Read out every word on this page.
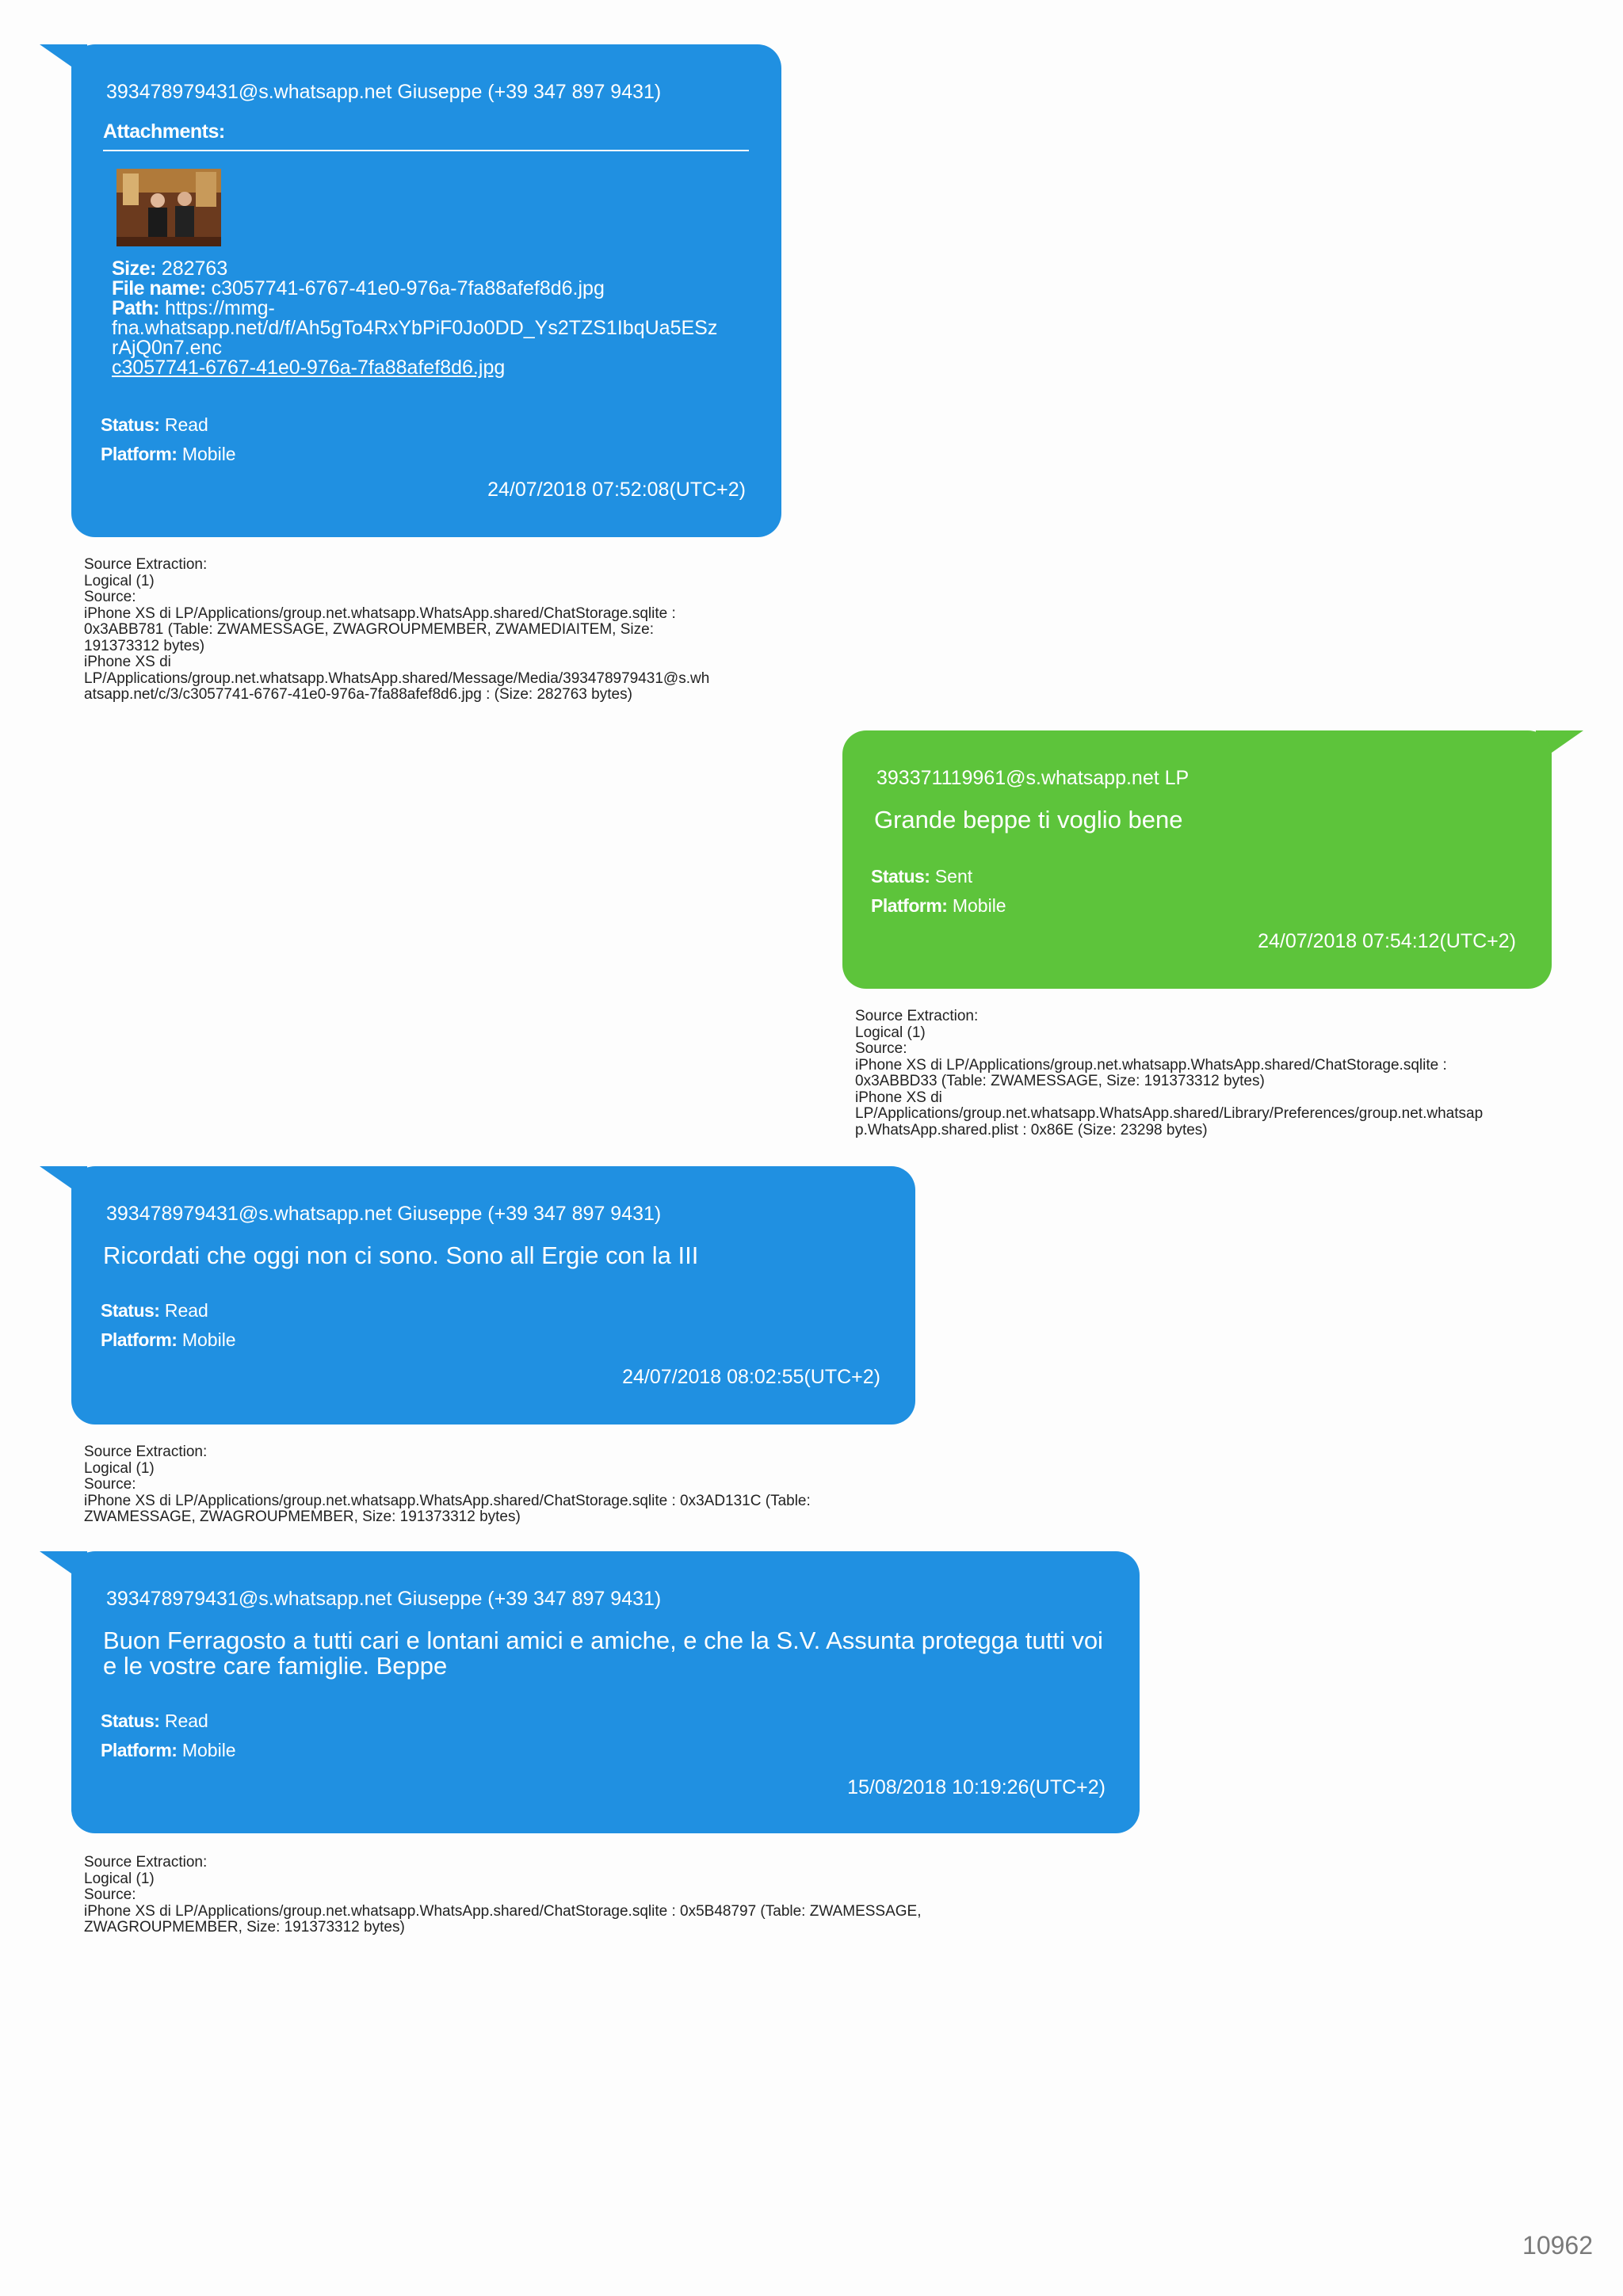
393478979431@s.whatsapp.net Giuseppe (+39 347 897 9431)
Attachments:
Size: 282763
File name: c3057741-6767-41e0-976a-7fa88afef8d6.jpg
Path: https://mmg-
fna.whatsapp.net/d/f/Ah5gTo4RxYbPiF0Jo0DD_Ys2TZS1IbqUa5ESz
rAjQ0n7.enc
c3057741-6767-41e0-976a-7fa88afef8d6.jpg
Status: Read
Platform: Mobile
24/07/2018 07:52:08(UTC+2)
Source Extraction:
Logical (1)
Source:
iPhone XS di LP/Applications/group.net.whatsapp.WhatsApp.shared/ChatStorage.sqlite :
0x3ABB781 (Table: ZWAMESSAGE, ZWAGROUPMEMBER, ZWAMEDIAITEM, Size:
191373312 bytes)
iPhone XS di
LP/Applications/group.net.whatsapp.WhatsApp.shared/Message/Media/393478979431@s.wh
atsapp.net/c/3/c3057741-6767-41e0-976a-7fa88afef8d6.jpg : (Size: 282763 bytes)
393371119961@s.whatsapp.net LP
Grande beppe ti voglio bene
Status: Sent
Platform: Mobile
24/07/2018 07:54:12(UTC+2)
Source Extraction:
Logical (1)
Source:
iPhone XS di LP/Applications/group.net.whatsapp.WhatsApp.shared/ChatStorage.sqlite :
0x3ABBD33 (Table: ZWAMESSAGE, Size: 191373312 bytes)
iPhone XS di
LP/Applications/group.net.whatsapp.WhatsApp.shared/Library/Preferences/group.net.whatsap
p.WhatsApp.shared.plist : 0x86E (Size: 23298 bytes)
393478979431@s.whatsapp.net Giuseppe (+39 347 897 9431)
Ricordati che oggi non ci sono. Sono all Ergie con la III
Status: Read
Platform: Mobile
24/07/2018 08:02:55(UTC+2)
Source Extraction:
Logical (1)
Source:
iPhone XS di LP/Applications/group.net.whatsapp.WhatsApp.shared/ChatStorage.sqlite : 0x3AD131C (Table:
ZWAMESSAGE, ZWAGROUPMEMBER, Size: 191373312 bytes)
393478979431@s.whatsapp.net Giuseppe (+39 347 897 9431)
Buon Ferragosto a tutti cari e lontani amici e amiche, e che la S.V. Assunta protegga tutti voi
e le vostre care famiglie. Beppe
Status: Read
Platform: Mobile
15/08/2018 10:19:26(UTC+2)
Source Extraction:
Logical (1)
Source:
iPhone XS di LP/Applications/group.net.whatsapp.WhatsApp.shared/ChatStorage.sqlite : 0x5B48797 (Table: ZWAMESSAGE,
ZWAGROUPMEMBER, Size: 191373312 bytes)
10962
